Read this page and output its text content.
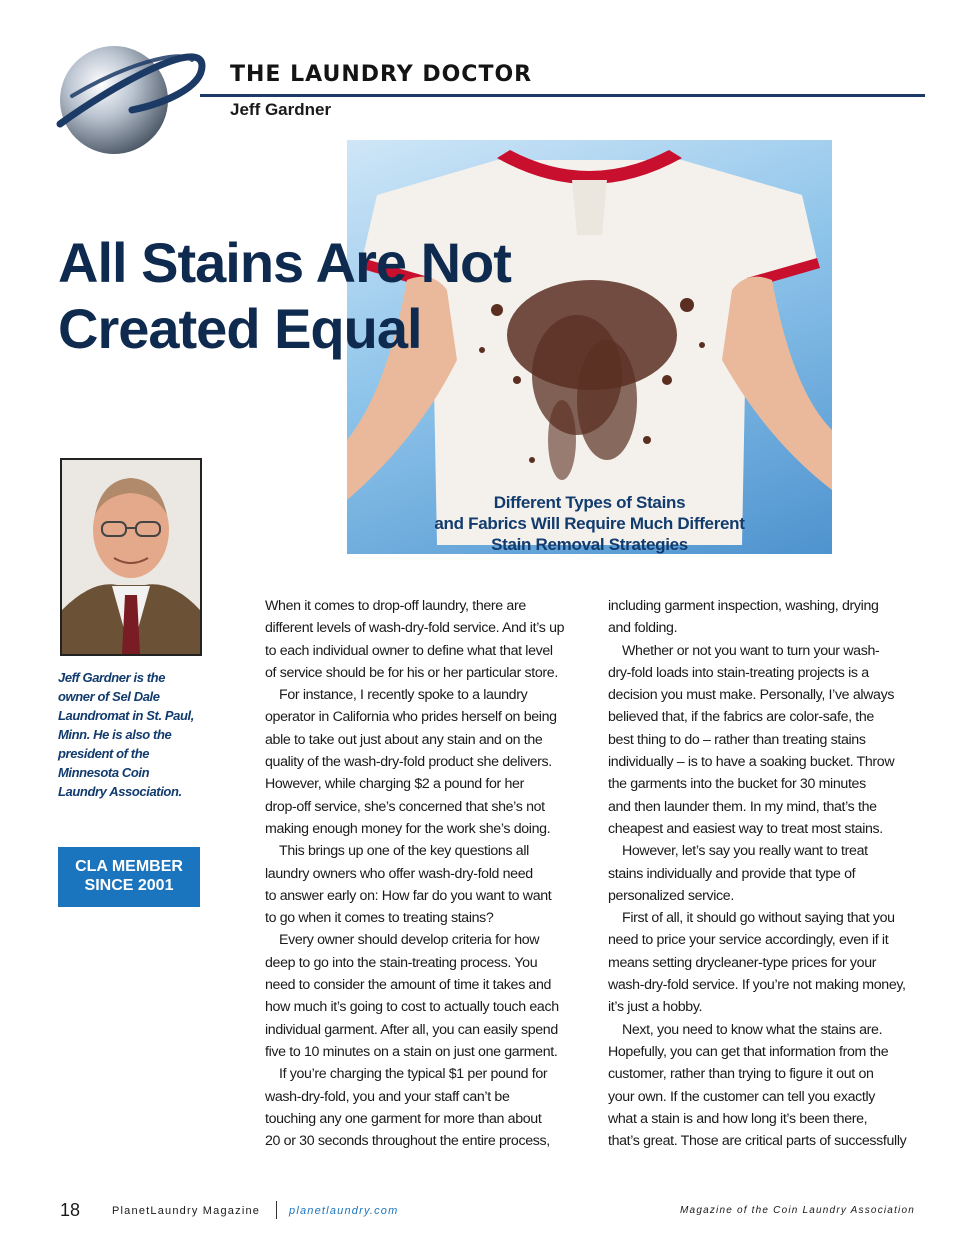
THE LAUNDRY DOCTOR
Jeff Gardner
Different Types of Stains
and Fabrics Will Require Much Different
Stain Removal Strategies
All Stains Are Not
Created Equal
Jeff Gardner is the
owner of Sel Dale
Laundromat in St. Paul,
Minn. He is also the
president of the
Minnesota Coin
Laundry Association.
CLA MEMBER
SINCE 2001
When it comes to drop-off laundry, there are
different levels of wash-dry-fold service. And it’s up
to each individual owner to define what that level
of service should be for his or her particular store.
For instance, I recently spoke to a laundry
operator in California who prides herself on being
able to take out just about any stain and on the
quality of the wash-dry-fold product she delivers.
However, while charging $2 a pound for her
drop-off service, she’s concerned that she’s not
making enough money for the work she’s doing.
This brings up one of the key questions all
laundry owners who offer wash-dry-fold need
to answer early on: How far do you want to want
to go when it comes to treating stains?
Every owner should develop criteria for how
deep to go into the stain-treating process. You
need to consider the amount of time it takes and
how much it’s going to cost to actually touch each
individual garment. After all, you can easily spend
five to 10 minutes on a stain on just one garment.
If you’re charging the typical $1 per pound for
wash-dry-fold, you and your staff can’t be
touching any one garment for more than about
20 or 30 seconds throughout the entire process,
including garment inspection, washing, drying
and folding.
Whether or not you want to turn your wash-
dry-fold loads into stain-treating projects is a
decision you must make. Personally, I’ve always
believed that, if the fabrics are color-safe, the
best thing to do – rather than treating stains
individually – is to have a soaking bucket. Throw
the garments into the bucket for 30 minutes
and then launder them. In my mind, that’s the
cheapest and easiest way to treat most stains.
However, let’s say you really want to treat
stains individually and provide that type of
personalized service.
First of all, it should go without saying that you
need to price your service accordingly, even if it
means setting drycleaner-type prices for your
wash-dry-fold service. If you’re not making money,
it’s just a hobby.
Next, you need to know what the stains are.
Hopefully, you can get that information from the
customer, rather than trying to figure it out on
your own. If the customer can tell you exactly
what a stain is and how long it’s been there,
that’s great. Those are critical parts of successfully
18	PlanetLaundry Magazine	planetlaundry.com	Magazine of the Coin Laundry Association
